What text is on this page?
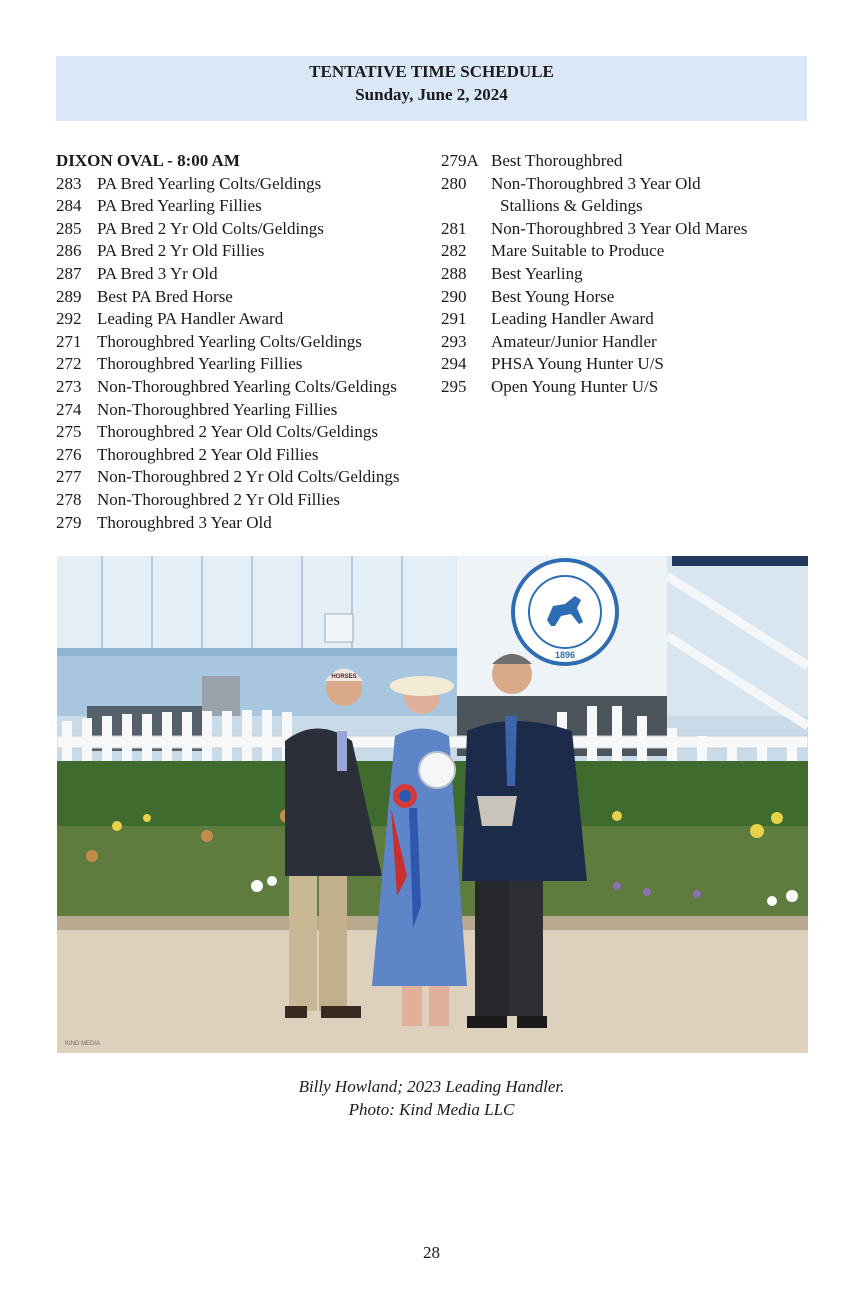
TENTATIVE TIME SCHEDULE
Sunday, June 2, 2024
DIXON OVAL - 8:00 AM
283 PA Bred Yearling Colts/Geldings
284 PA Bred Yearling Fillies
285 PA Bred 2 Yr Old Colts/Geldings
286 PA Bred 2 Yr Old Fillies
287 PA Bred 3 Yr Old
289 Best PA Bred Horse
292 Leading PA Handler Award
271 Thoroughbred Yearling Colts/Geldings
272 Thoroughbred Yearling Fillies
273 Non-Thoroughbred Yearling Colts/Geldings
274 Non-Thoroughbred Yearling Fillies
275 Thoroughbred 2 Year Old Colts/Geldings
276 Thoroughbred 2 Year Old Fillies
277 Non-Thoroughbred 2 Yr Old Colts/Geldings
278 Non-Thoroughbred 2 Yr Old Fillies
279 Thoroughbred 3 Year Old
279A Best Thoroughbred
280	Non-Thoroughbred 3 Year Old
Stallions & Geldings
281	Non-Thoroughbred 3 Year Old Mares
282	Mare Suitable to Produce
288	Best Yearling
290	Best Young Horse
291	Leading Handler Award
293	Amateur/Junior Handler
294	PHSA Young Hunter U/S
295	Open Young Hunter U/S
1896
HORSES
KIND MEDIA
Billy Howland; 2023 Leading Handler.
Photo: Kind Media LLC
28
